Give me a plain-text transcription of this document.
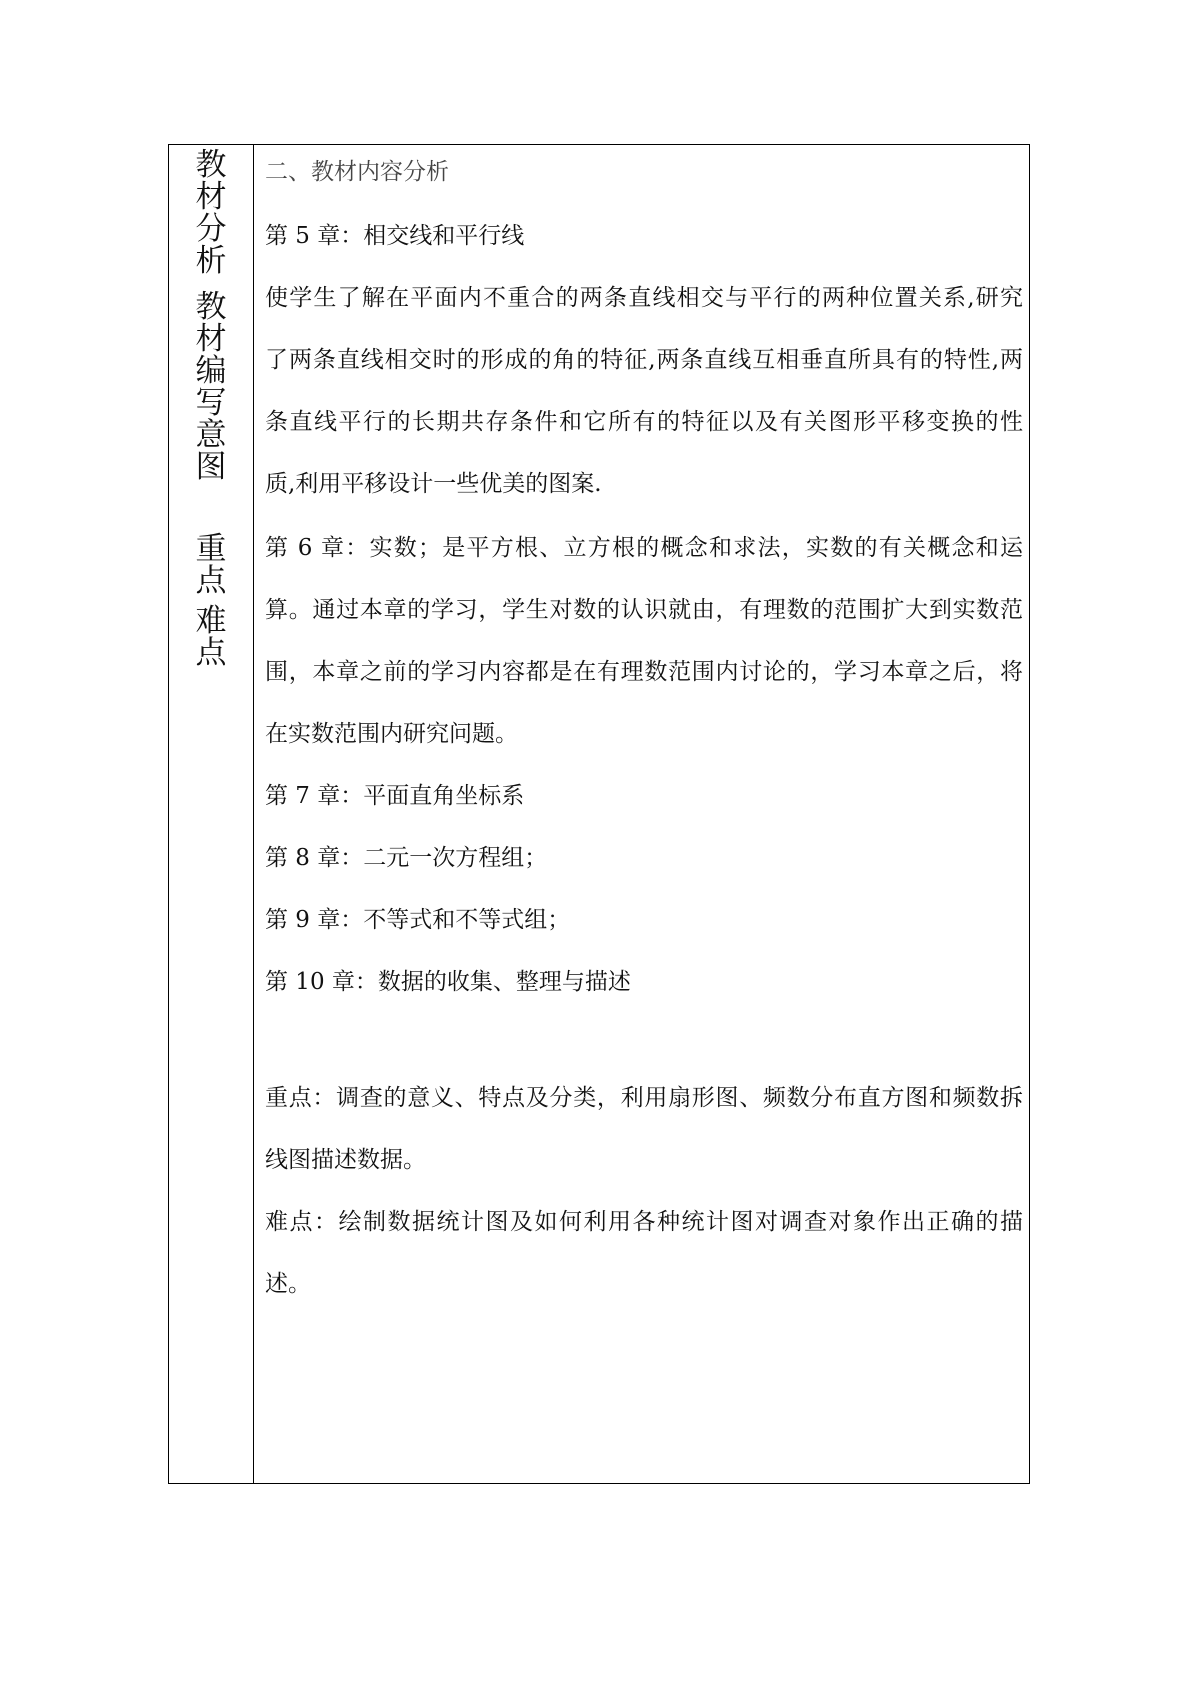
教
材
分
析
教
材
编
写
意
图
重
点
难
点
二、教材内容分析
第 5 章：相交线和平行线
使学生了解在平面内不重合的两条直线相交与平行的两种位置关系,研究
了两条直线相交时的形成的角的特征,两条直线互相垂直所具有的特性,两
条直线平行的长期共存条件和它所有的特征以及有关图形平移变换的性
质,利用平移设计一些优美的图案.
第 6 章：实数；是平方根、立方根的概念和求法，实数的有关概念和运
算。通过本章的学习，学生对数的认识就由，有理数的范围扩大到实数范
围，本章之前的学习内容都是在有理数范围内讨论的，学习本章之后，将
在实数范围内研究问题。
第 7 章：平面直角坐标系
第 8 章：二元一次方程组；
第 9 章：不等式和不等式组；
第 10 章：数据的收集、整理与描述
重点：调查的意义、特点及分类，利用扇形图、频数分布直方图和频数拆
线图描述数据。
难点：绘制数据统计图及如何利用各种统计图对调查对象作出正确的描
述。
